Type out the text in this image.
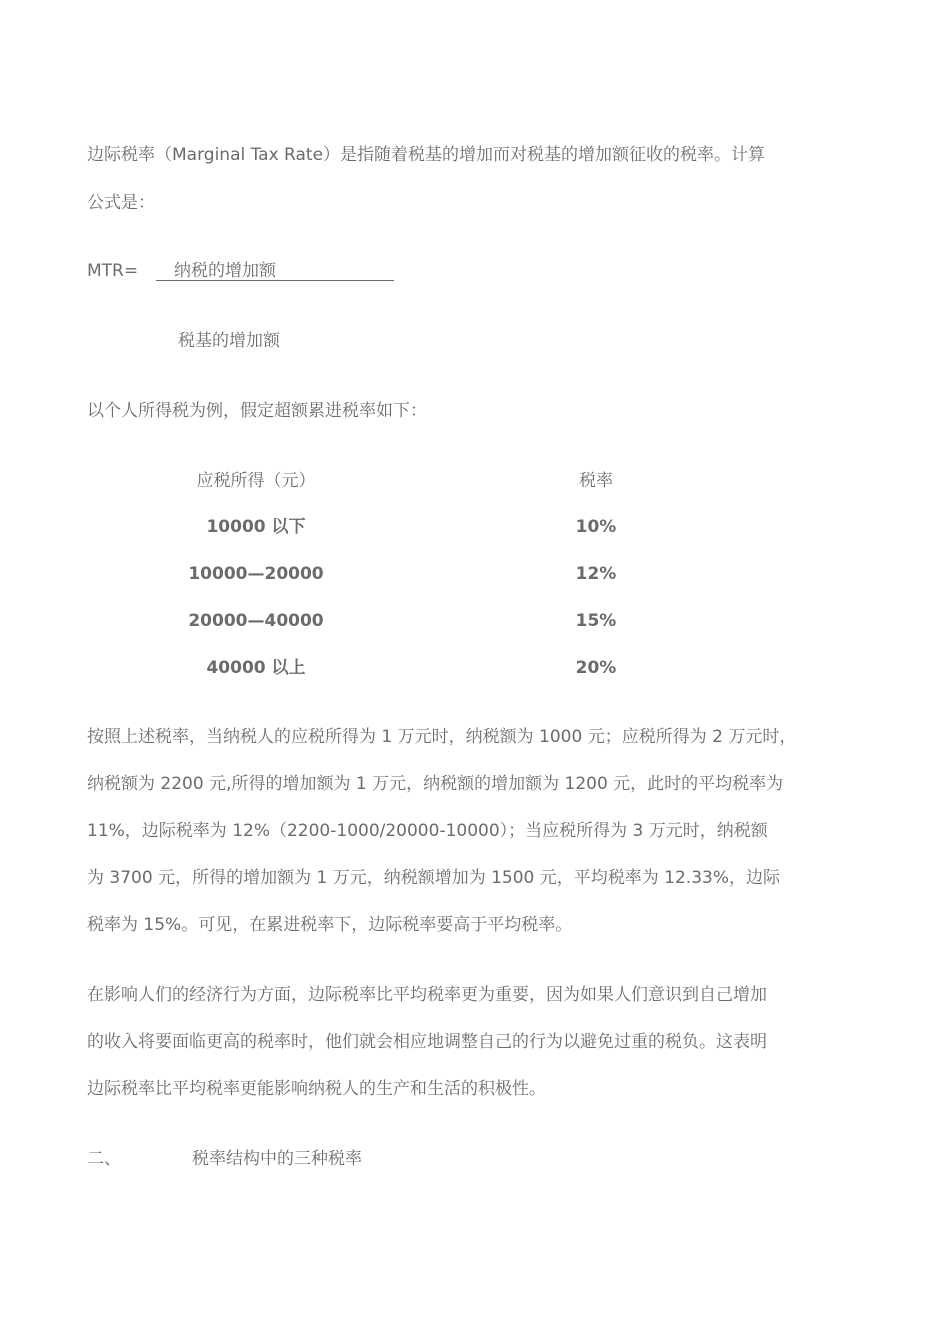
边际税率（Marginal Tax Rate）是指随着税基的增加而对税基的增加额征收的税率。计算
公式是：
MTR=	纳税的增加额
税基的增加额
以个人所得税为例，假定超额累进税率如下：
应税所得（元）	税率
10000 以下	10%
10000—20000	12%
20000—40000	15%
40000 以上	20%
按照上述税率，当纳税人的应税所得为 1 万元时，纳税额为 1000 元；应税所得为 2 万元时，
纳税额为 2200 元,所得的增加额为 1 万元，纳税额的增加额为 1200 元，此时的平均税率为
11%，边际税率为 12%（2200-1000/20000-10000）；当应税所得为 3 万元时，纳税额
为 3700 元，所得的增加额为 1 万元，纳税额增加为 1500 元，平均税率为 12.33%，边际
税率为 15%。可见，在累进税率下，边际税率要高于平均税率。
在影响人们的经济行为方面，边际税率比平均税率更为重要，因为如果人们意识到自己增加
的收入将要面临更高的税率时，他们就会相应地调整自己的行为以避免过重的税负。这表明
边际税率比平均税率更能影响纳税人的生产和生活的积极性。
二、	税率结构中的三种税率
